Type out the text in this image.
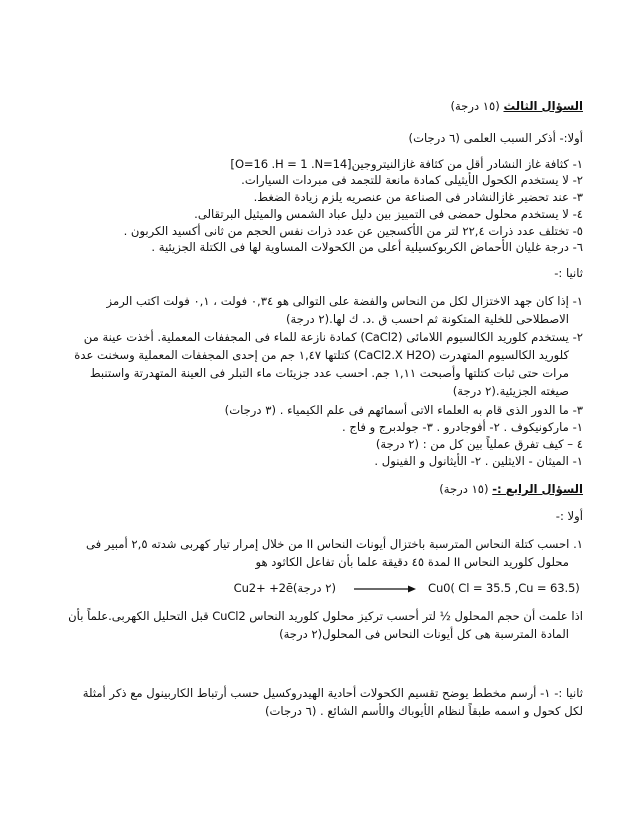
السؤال الثالث (١٥ درجة)
أولا:- أذكر السبب العلمى (٦ درجات)
١- كثافة غاز النشادر أقل من كثافة غازالنيتروجين[O=16 .H = 1 .N=14]
٢- لا يستخدم الكحول الأيثيلى كمادة مانعة للتجمد فى مبردات السيارات.
٣- عند تحضير غازالنشادر فى الصناعة من عنصريه يلزم زيادة الضغط.
٤- لا يستخدم محلول حمضى فى التمييز بين دليل عباد الشمس والميثيل البرتقالى.
٥- تختلف عدد ذرات ٢٢,٤ لتر من الأكسجين عن عدد ذرات نفس الحجم من ثانى أكسيد الكربون .
٦- درجة غليان الأحماض الكربوكسيلية أعلى من الكحولات المساوية لها فى الكتلة الجزيئية .
ثانيا :-
١- إذا كان جهد الاختزال لكل من النحاس والفضة على التوالى هو ٠,٣٤ فولت ، ٠,١ فولت اكتب الرمز
الاصطلاحى للخلية المتكونة ثم احسب ق .د. ك لها.(٢ درجة)
٢- يستخدم كلوريد الكالسيوم اللامائى (CaCl2) كمادة نازعة للماء فى المجففات المعملية. أخذت عينة من
كلوريد الكالسيوم المتهدرت (CaCl2.X H2O) كتلتها ١,٤٧ جم من إحدى المجففات المعملية وسخنت عدة
مرات حتى ثبات كتلتها وأصبحت ١,١١ جم. احسب عدد جزيئات ماء التبلر فى العينة المتهدرتة واستنبط
صيغته الجزيئية.(٢ درجة)
٣- ما الدور الذى قام به العلماء الاتى أسمائهم فى علم الكيمياء . (٣ درجات)
١- ماركونيكوف . ٢- أفوجادرو . ٣- جولدبرج و فاج .
٤ – كيف تفرق عملياً بين كل من : (٢ درجة)
١- الميثان - الايثلين . ٢- الأيثانول و الفينول .
السؤال الرابع :- (١٥ درجة)
أولا :-
١. احسب كتلة النحاس المترسبة باختزال أيونات النحاس II من خلال إمرار تيار كهربى شدته ٢,٥ أمبير فى
محلول كلوريد النحاس II لمدة ٤٥ دقيقة علما بأن تفاعل الكاثود هو
Cu0( Cl = 35.5 ,Cu = 63.5)
(٢ درجة)Cu2+ +2ē
اذا علمت أن حجم المحلول ½ لتر أحسب تركيز محلول كلوريد النحاس CuCl2 قبل التحليل الكهربى.علماً بأن
المادة المترسبة هى كل أيونات النحاس فى المحلول(٢ درجة)
ثانيا :- ١- أرسم مخطط يوضح تقسيم الكحولات أحادية الهيدروكسيل حسب أرتباط الكاربينول مع ذكر أمثلة
لكل كحول و اسمه طبقاً لنظام الأيوباك والأسم الشائع . (٦ درجات)
